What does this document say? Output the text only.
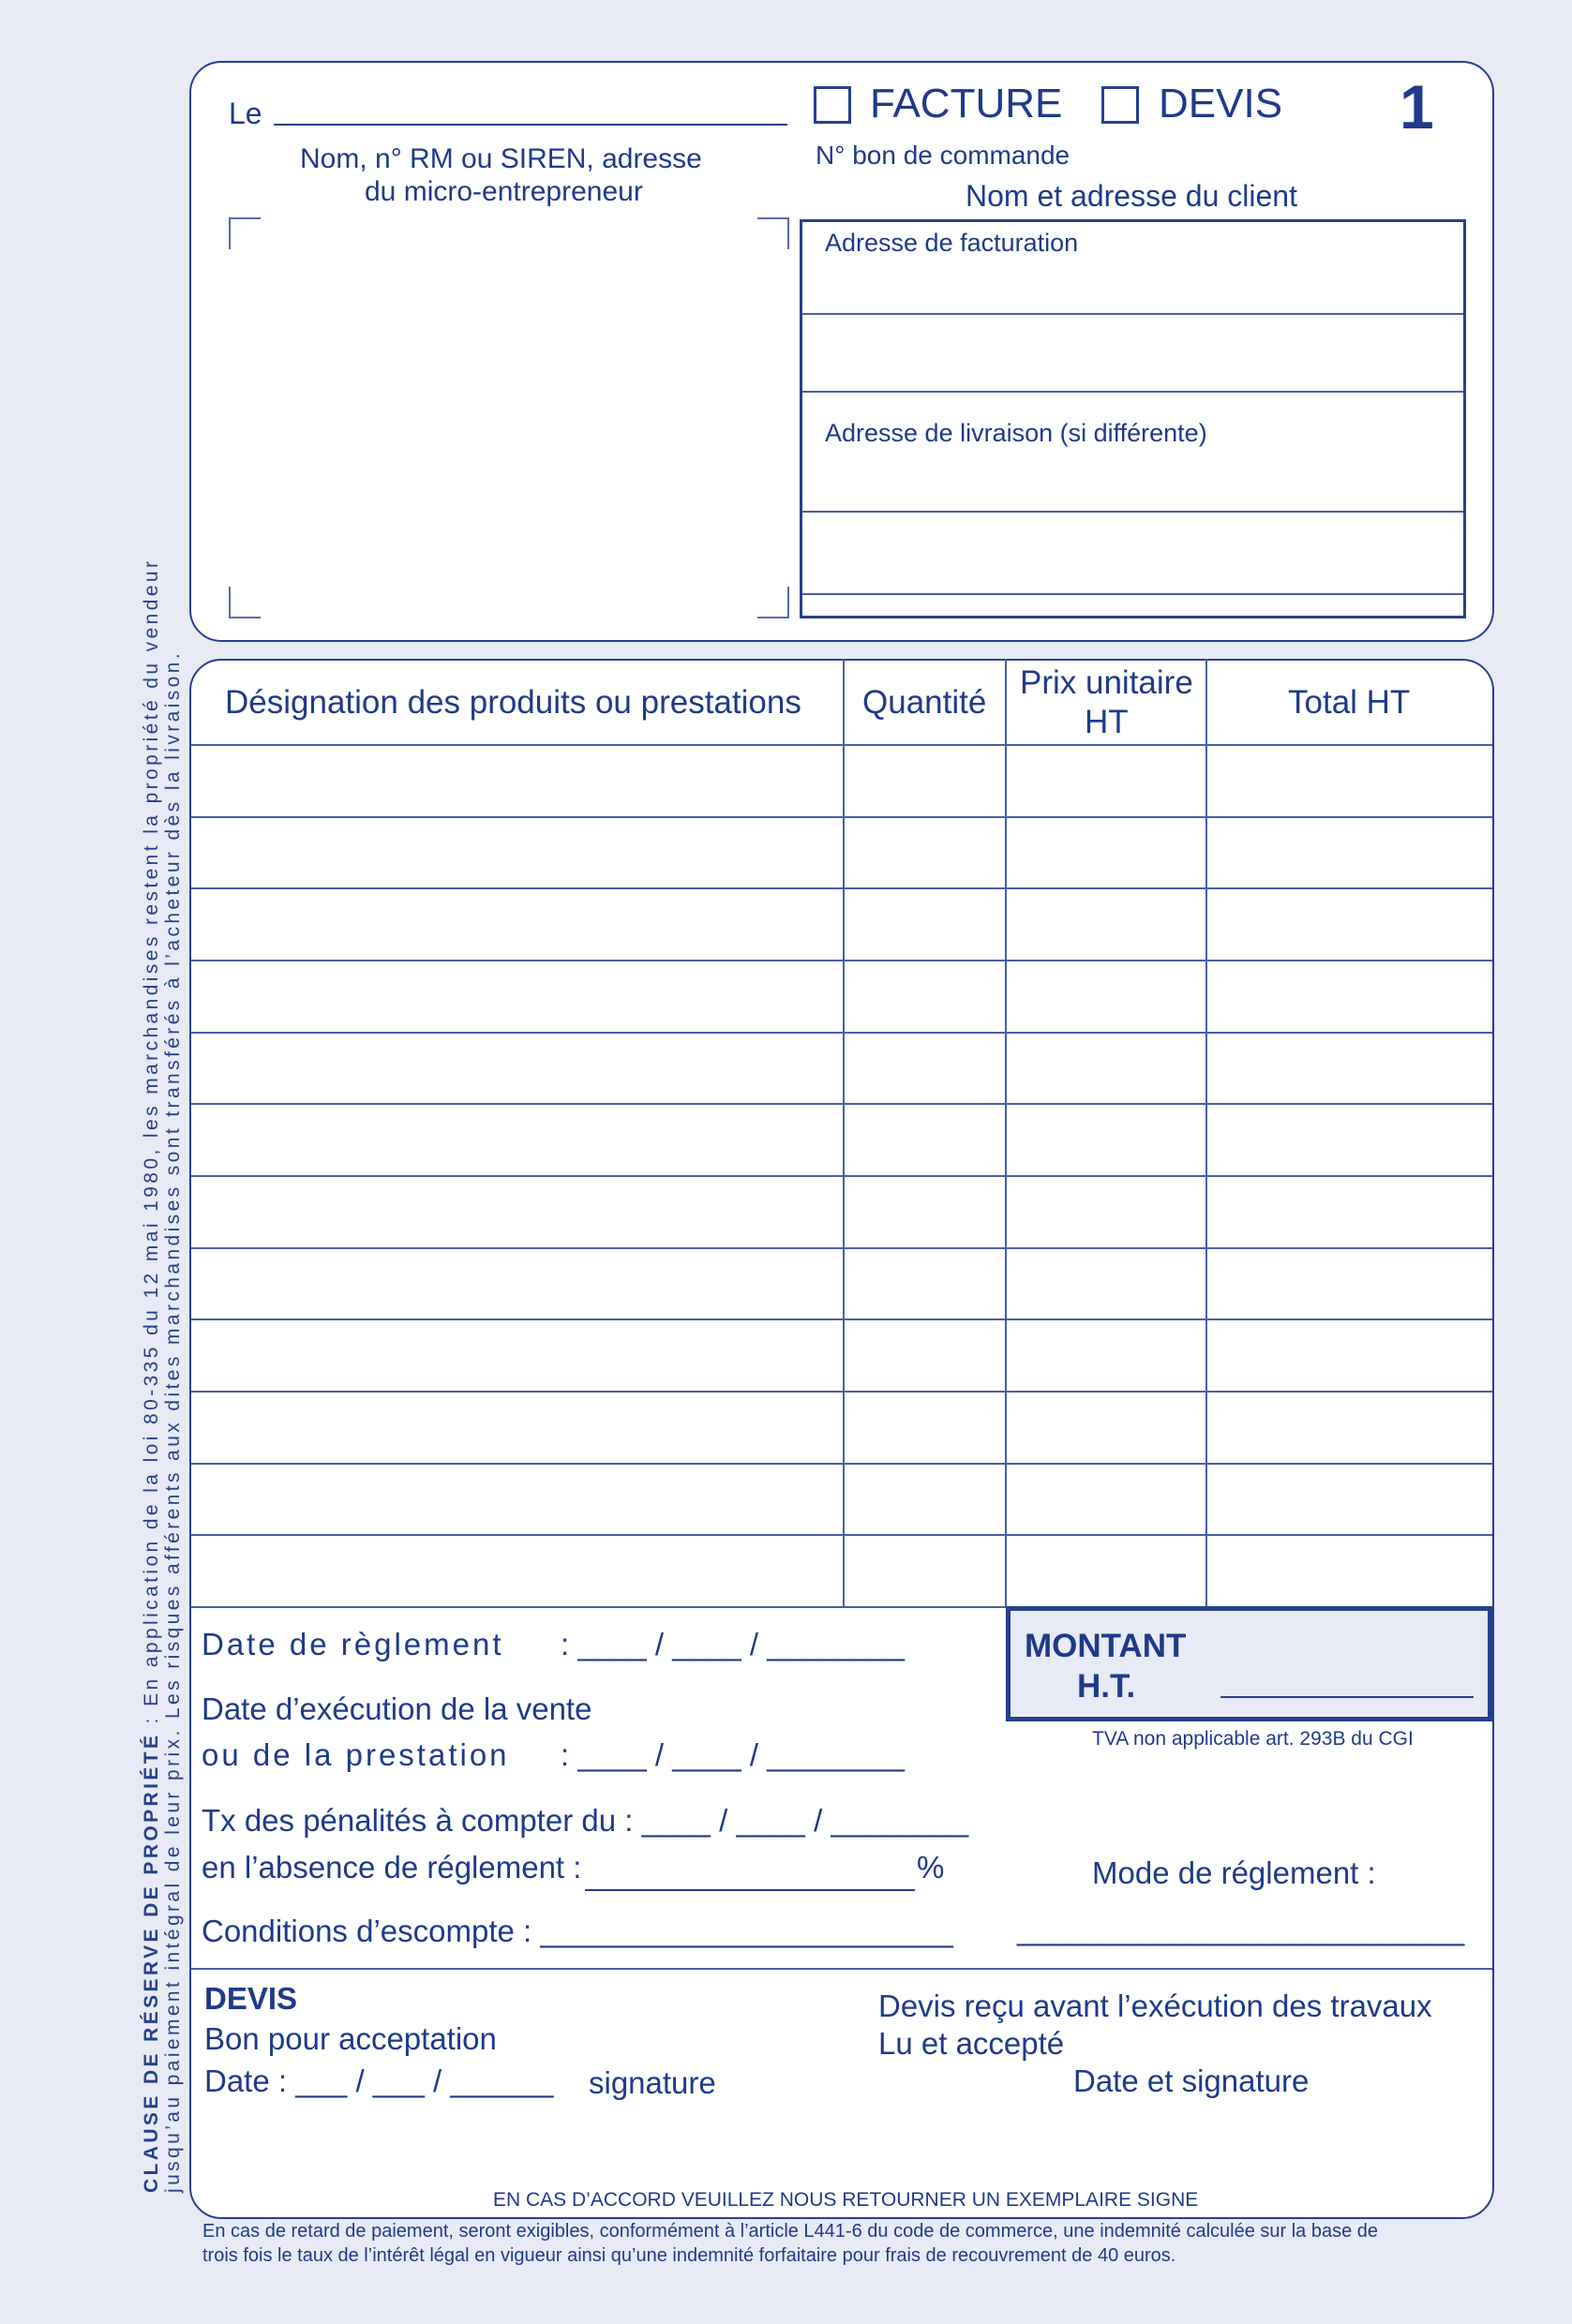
CLAUSE DE RÉSERVE DE PROPRIÉTÉ : En application de la loi 80-335 du 12 mai 1980, les marchandises restent la propriété du vendeur jusqu’au paiement intégral de leur prix. Les risques afférents aux dites marchandises sont transférés à l’acheteur dès la livraison.
Le	FACTURE DEVIS 1
Nom, n° RM ou SIREN, adresse
du micro-entrepreneur
N° bon de commande
Nom et adresse du client
Adresse de facturation
Adresse de livraison (si différente)
Désignation des produits ou prestations Quantité
Prix unitaire
HT
Total HT
Date de règlement : ____ / ____ / ________
Date d’exécution de la vente
ou de la prestation : ____ / ____ / ________
Tx des pénalités à compter du : ____ / ____ / ________
en l’absence de réglement :	%
Conditions d’escompte : ________________________
MONTANT
H.T.
TVA non applicable art. 293B du CGI
Mode de réglement :
__________________________
DEVIS
Bon pour acceptation
Date : ___ / ___ / ______ signature
Devis reçu avant l’exécution des travaux
Lu et accepté
Date et signature
EN CAS D’ACCORD VEUILLEZ NOUS RETOURNER UN EXEMPLAIRE SIGNE
En cas de retard de paiement, seront exigibles, conformément à l’article L441-6 du code de commerce, une indemnité calculée sur la base de
trois fois le taux de l’intérêt légal en vigueur ainsi qu’une indemnité forfaitaire pour frais de recouvrement de 40 euros.
